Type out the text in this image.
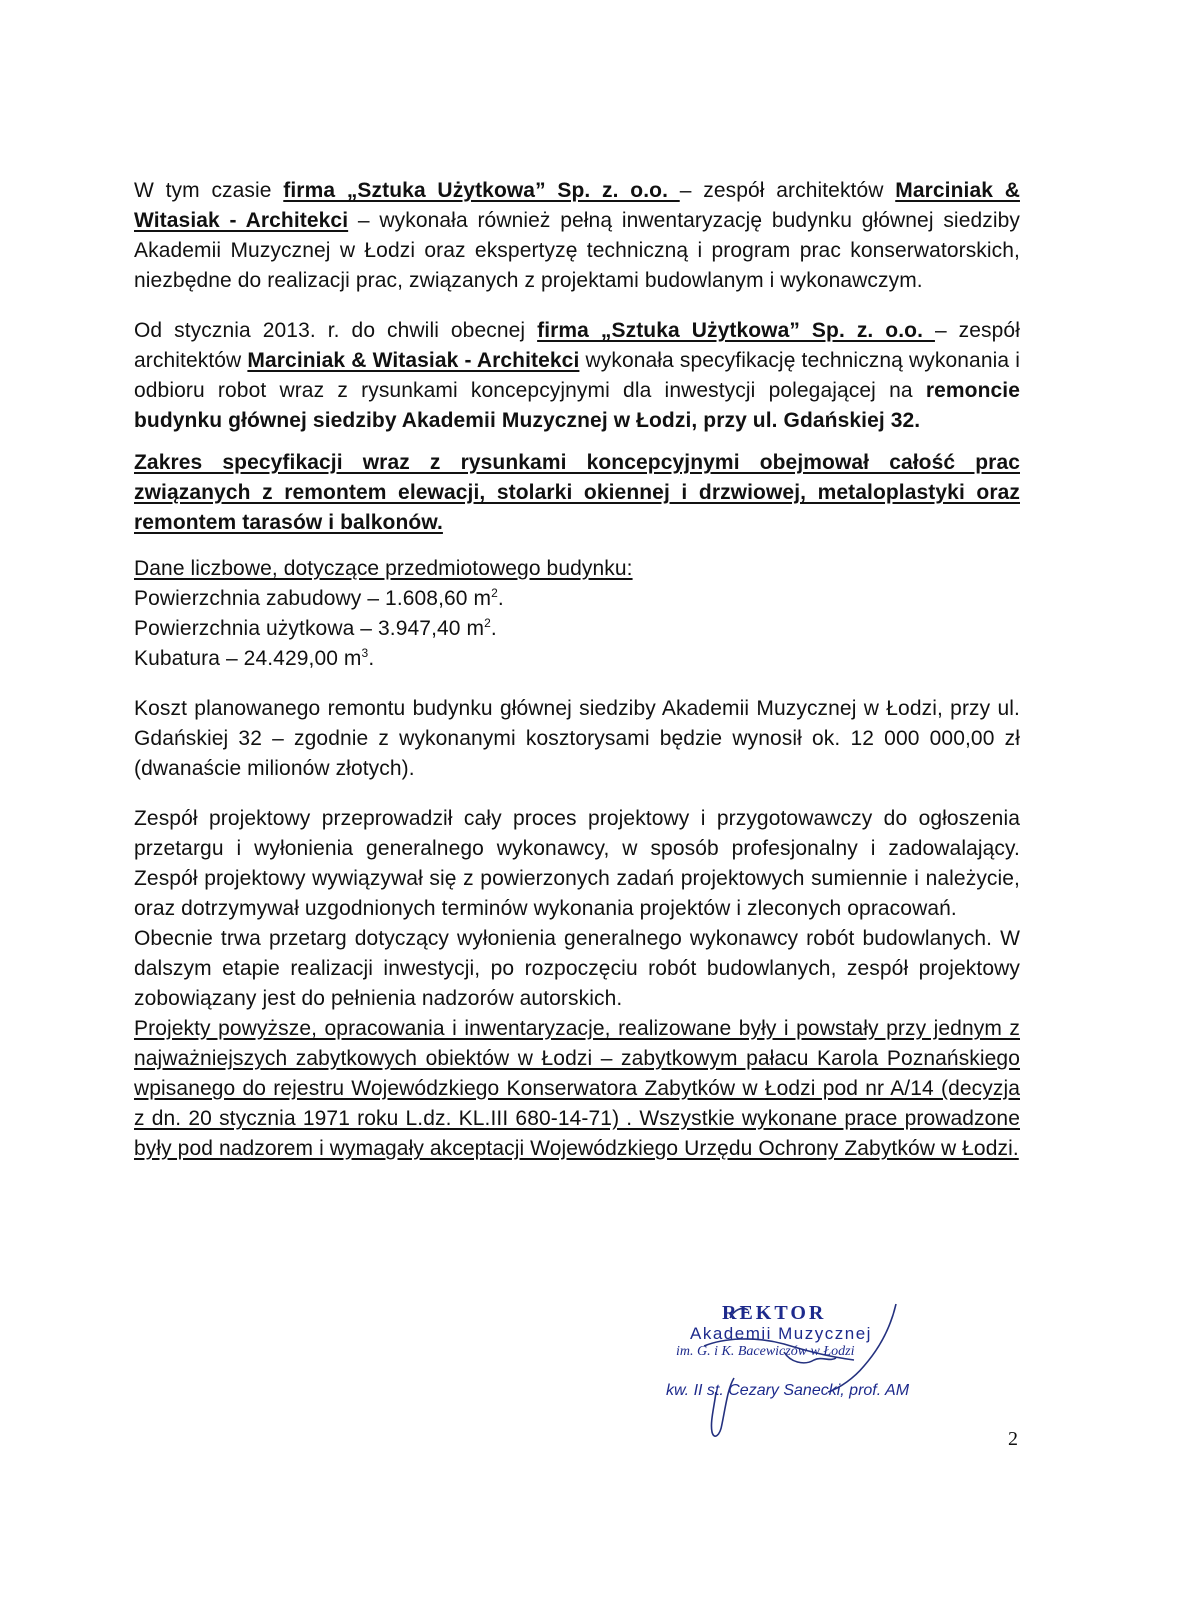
W tym czasie firma „Sztuka Użytkowa” Sp. z. o.o. – zespół architektów Marciniak & Witasiak - Architekci – wykonała również pełną inwentaryzację budynku głównej siedziby Akademii Muzycznej w Łodzi oraz ekspertyzę techniczną i program prac konserwatorskich, niezbędne do realizacji prac, związanych z projektami budowlanym i wykonawczym.

Od stycznia 2013. r. do chwili obecnej firma „Sztuka Użytkowa” Sp. z. o.o. – zespół architektów Marciniak & Witasiak - Architekci wykonała specyfikację techniczną wykonania i odbioru robot wraz z rysunkami koncepcyjnymi dla inwestycji polegającej na remoncie budynku głównej siedziby Akademii Muzycznej w Łodzi, przy ul. Gdańskiej 32.

Zakres specyfikacji wraz z rysunkami koncepcyjnymi obejmował całość prac związanych z remontem elewacji, stolarki okiennej i drzwiowej, metaloplastyki oraz remontem tarasów i balkonów.

Dane liczbowe, dotyczące przedmiotowego budynku:
Powierzchnia zabudowy – 1.608,60 $m^2$.
Powierzchnia użytkowa – 3.947,40 $m^2$.
Kubatura – 24.429,00 $m^3$.

Koszt planowanego remontu budynku głównej siedziby Akademii Muzycznej w Łodzi, przy ul. Gdańskiej 32 – zgodnie z wykonanymi kosztorysami będzie wynosił ok. 12 000 000,00 zł (dwanaście milionów złotych).

Zespół projektowy przeprowadził cały proces projektowy i przygotowawczy do ogłoszenia przetargu i wyłonienia generalnego wykonawcy, w sposób profesjonalny i zadowalający. Zespół projektowy wywiązywał się z powierzonych zadań projektowych sumiennie i należycie, oraz dotrzymywał uzgodnionych terminów wykonania projektów i zleconych opracowań.

Obecnie trwa przetarg dotyczący wyłonienia generalnego wykonawcy robót budowlanych. W dalszym etapie realizacji inwestycji, po rozpoczęciu robót budowlanych, zespół projektowy zobowiązany jest do pełnienia nadzorów autorskich.

Projekty powyższe, opracowania i inwentaryzacje, realizowane były i powstały przy jednym z najważniejszych zabytkowych obiektów w Łodzi – zabytkowym pałacu Karola Poznańskiego wpisanego do rejestru Wojewódzkiego Konserwatora Zabytków w Łodzi pod nr A/14 (decyzja z dn. 20 stycznia 1971 roku L.dz. KL.III 680-14-71) . Wszystkie wykonane prace prowadzone były pod nadzorem i wymagały akceptacji Wojewódzkiego Urzędu Ochrony Zabytków w Łodzi.

REKTOR
Akademii Muzycznej
im. G. i K. Bacewiczów w Łodzi
kw. II st. Cezary Sanecki, prof. AM
2
